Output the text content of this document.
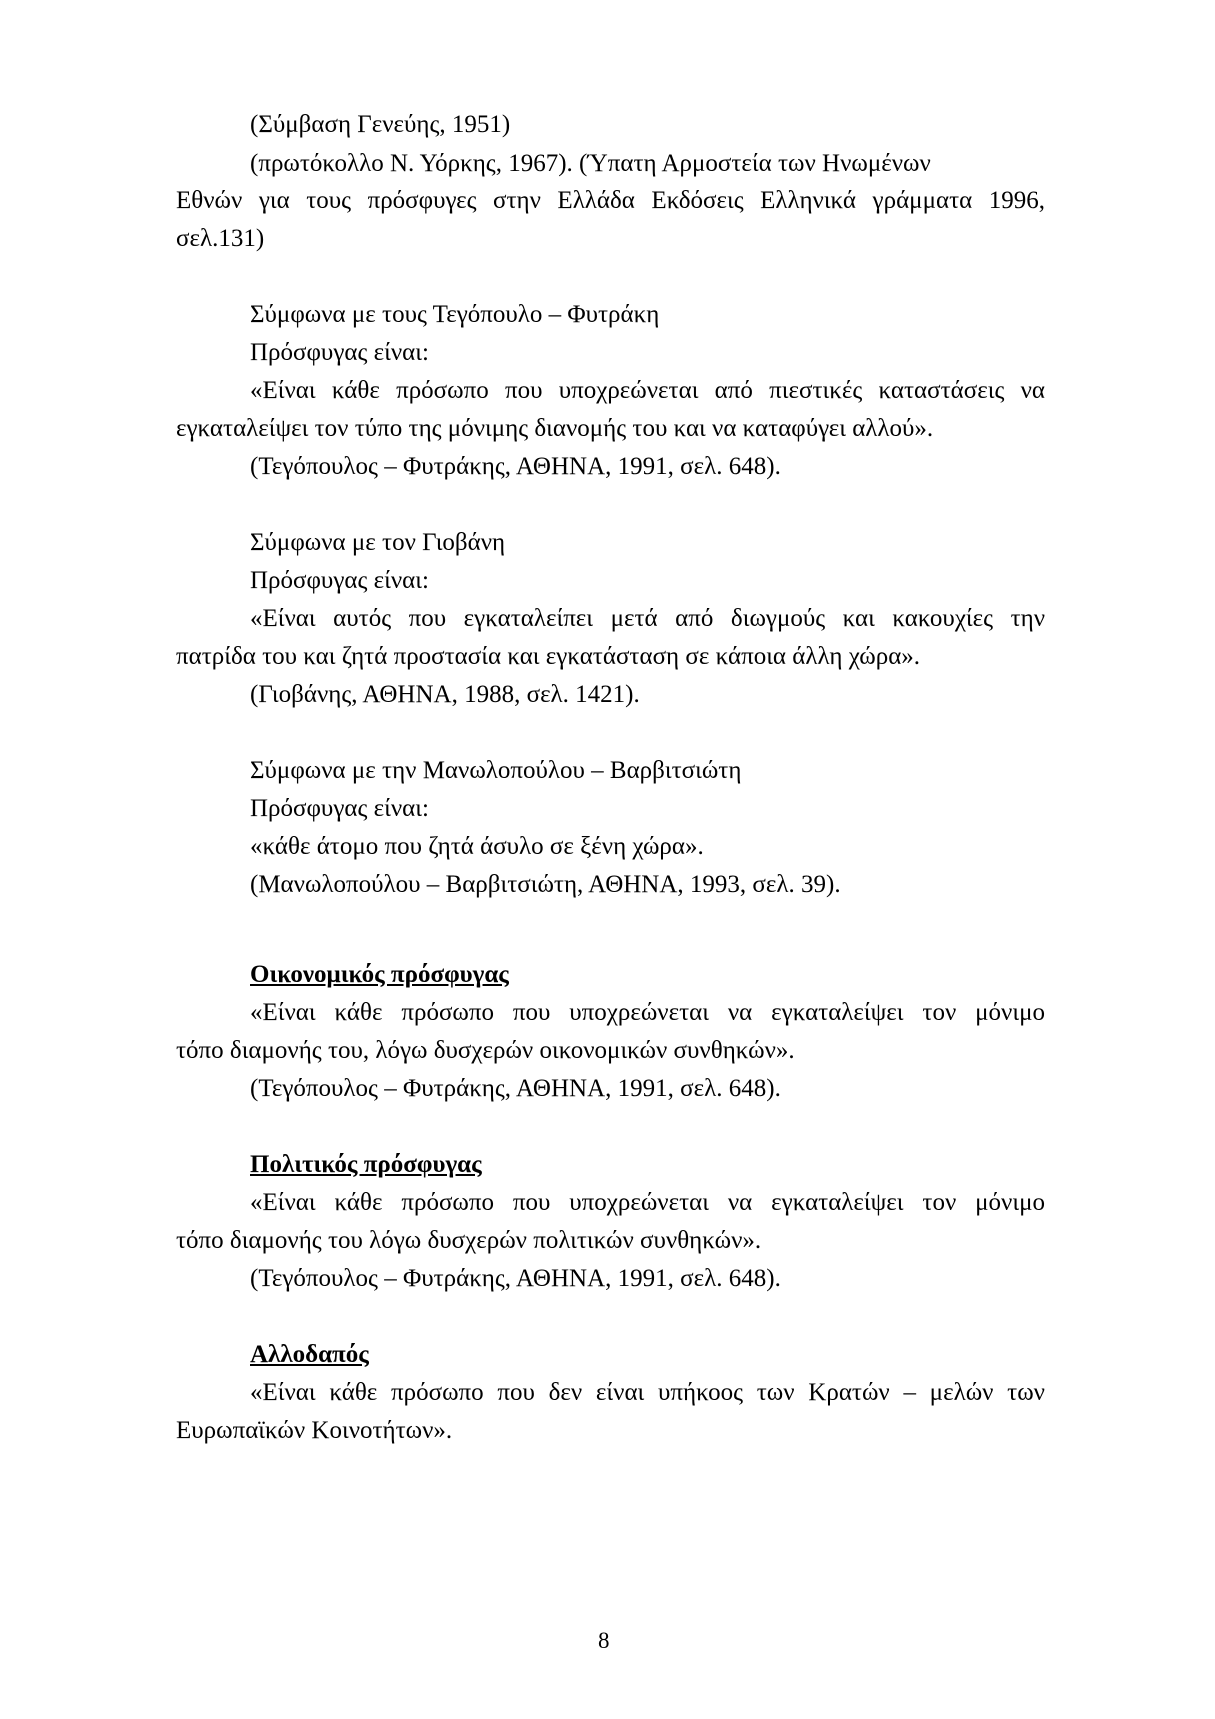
(Σύμβαση Γενεύης, 1951)

(πρωτόκολλο Ν. Υόρκης, 1967). (Ύπατη Αρμοστεία των Ηνωμένων

Εθνών για τους πρόσφυγες στην Ελλάδα Εκδόσεις Ελληνικά γράμματα 1996,

σελ.131)

Σύμφωνα με τους Τεγόπουλο – Φυτράκη

Πρόσφυγας είναι:

«Είναι κάθε πρόσωπο που υποχρεώνεται από πιεστικές καταστάσεις να

εγκαταλείψει τον τύπο της μόνιμης διανομής του και να καταφύγει αλλού».

(Τεγόπουλος – Φυτράκης, ΑΘΗΝΑ, 1991, σελ. 648).

Σύμφωνα με τον Γιοβάνη

Πρόσφυγας είναι:

«Είναι αυτός που εγκαταλείπει μετά από διωγμούς και κακουχίες την

πατρίδα του και ζητά προστασία και εγκατάσταση σε κάποια άλλη χώρα».

(Γιοβάνης, ΑΘΗΝΑ, 1988, σελ. 1421).

Σύμφωνα με την Μανωλοπούλου – Βαρβιτσιώτη

Πρόσφυγας είναι:

«κάθε άτομο που ζητά άσυλο σε ξένη χώρα».

(Μανωλοπούλου – Βαρβιτσιώτη, ΑΘΗΝΑ, 1993, σελ. 39).

Οικονομικός πρόσφυγας

«Είναι κάθε πρόσωπο που υποχρεώνεται να εγκαταλείψει τον μόνιμο

τόπο διαμονής του, λόγω δυσχερών οικονομικών συνθηκών».

(Τεγόπουλος – Φυτράκης, ΑΘΗΝΑ, 1991, σελ. 648).

Πολιτικός πρόσφυγας

«Είναι κάθε πρόσωπο που υποχρεώνεται να εγκαταλείψει τον μόνιμο

τόπο διαμονής του λόγω δυσχερών πολιτικών συνθηκών».

(Τεγόπουλος – Φυτράκης, ΑΘΗΝΑ, 1991, σελ. 648).

Αλλοδαπός

«Είναι κάθε πρόσωπο που δεν είναι υπήκοος των Κρατών – μελών των

Ευρωπαϊκών Κοινοτήτων».

8
